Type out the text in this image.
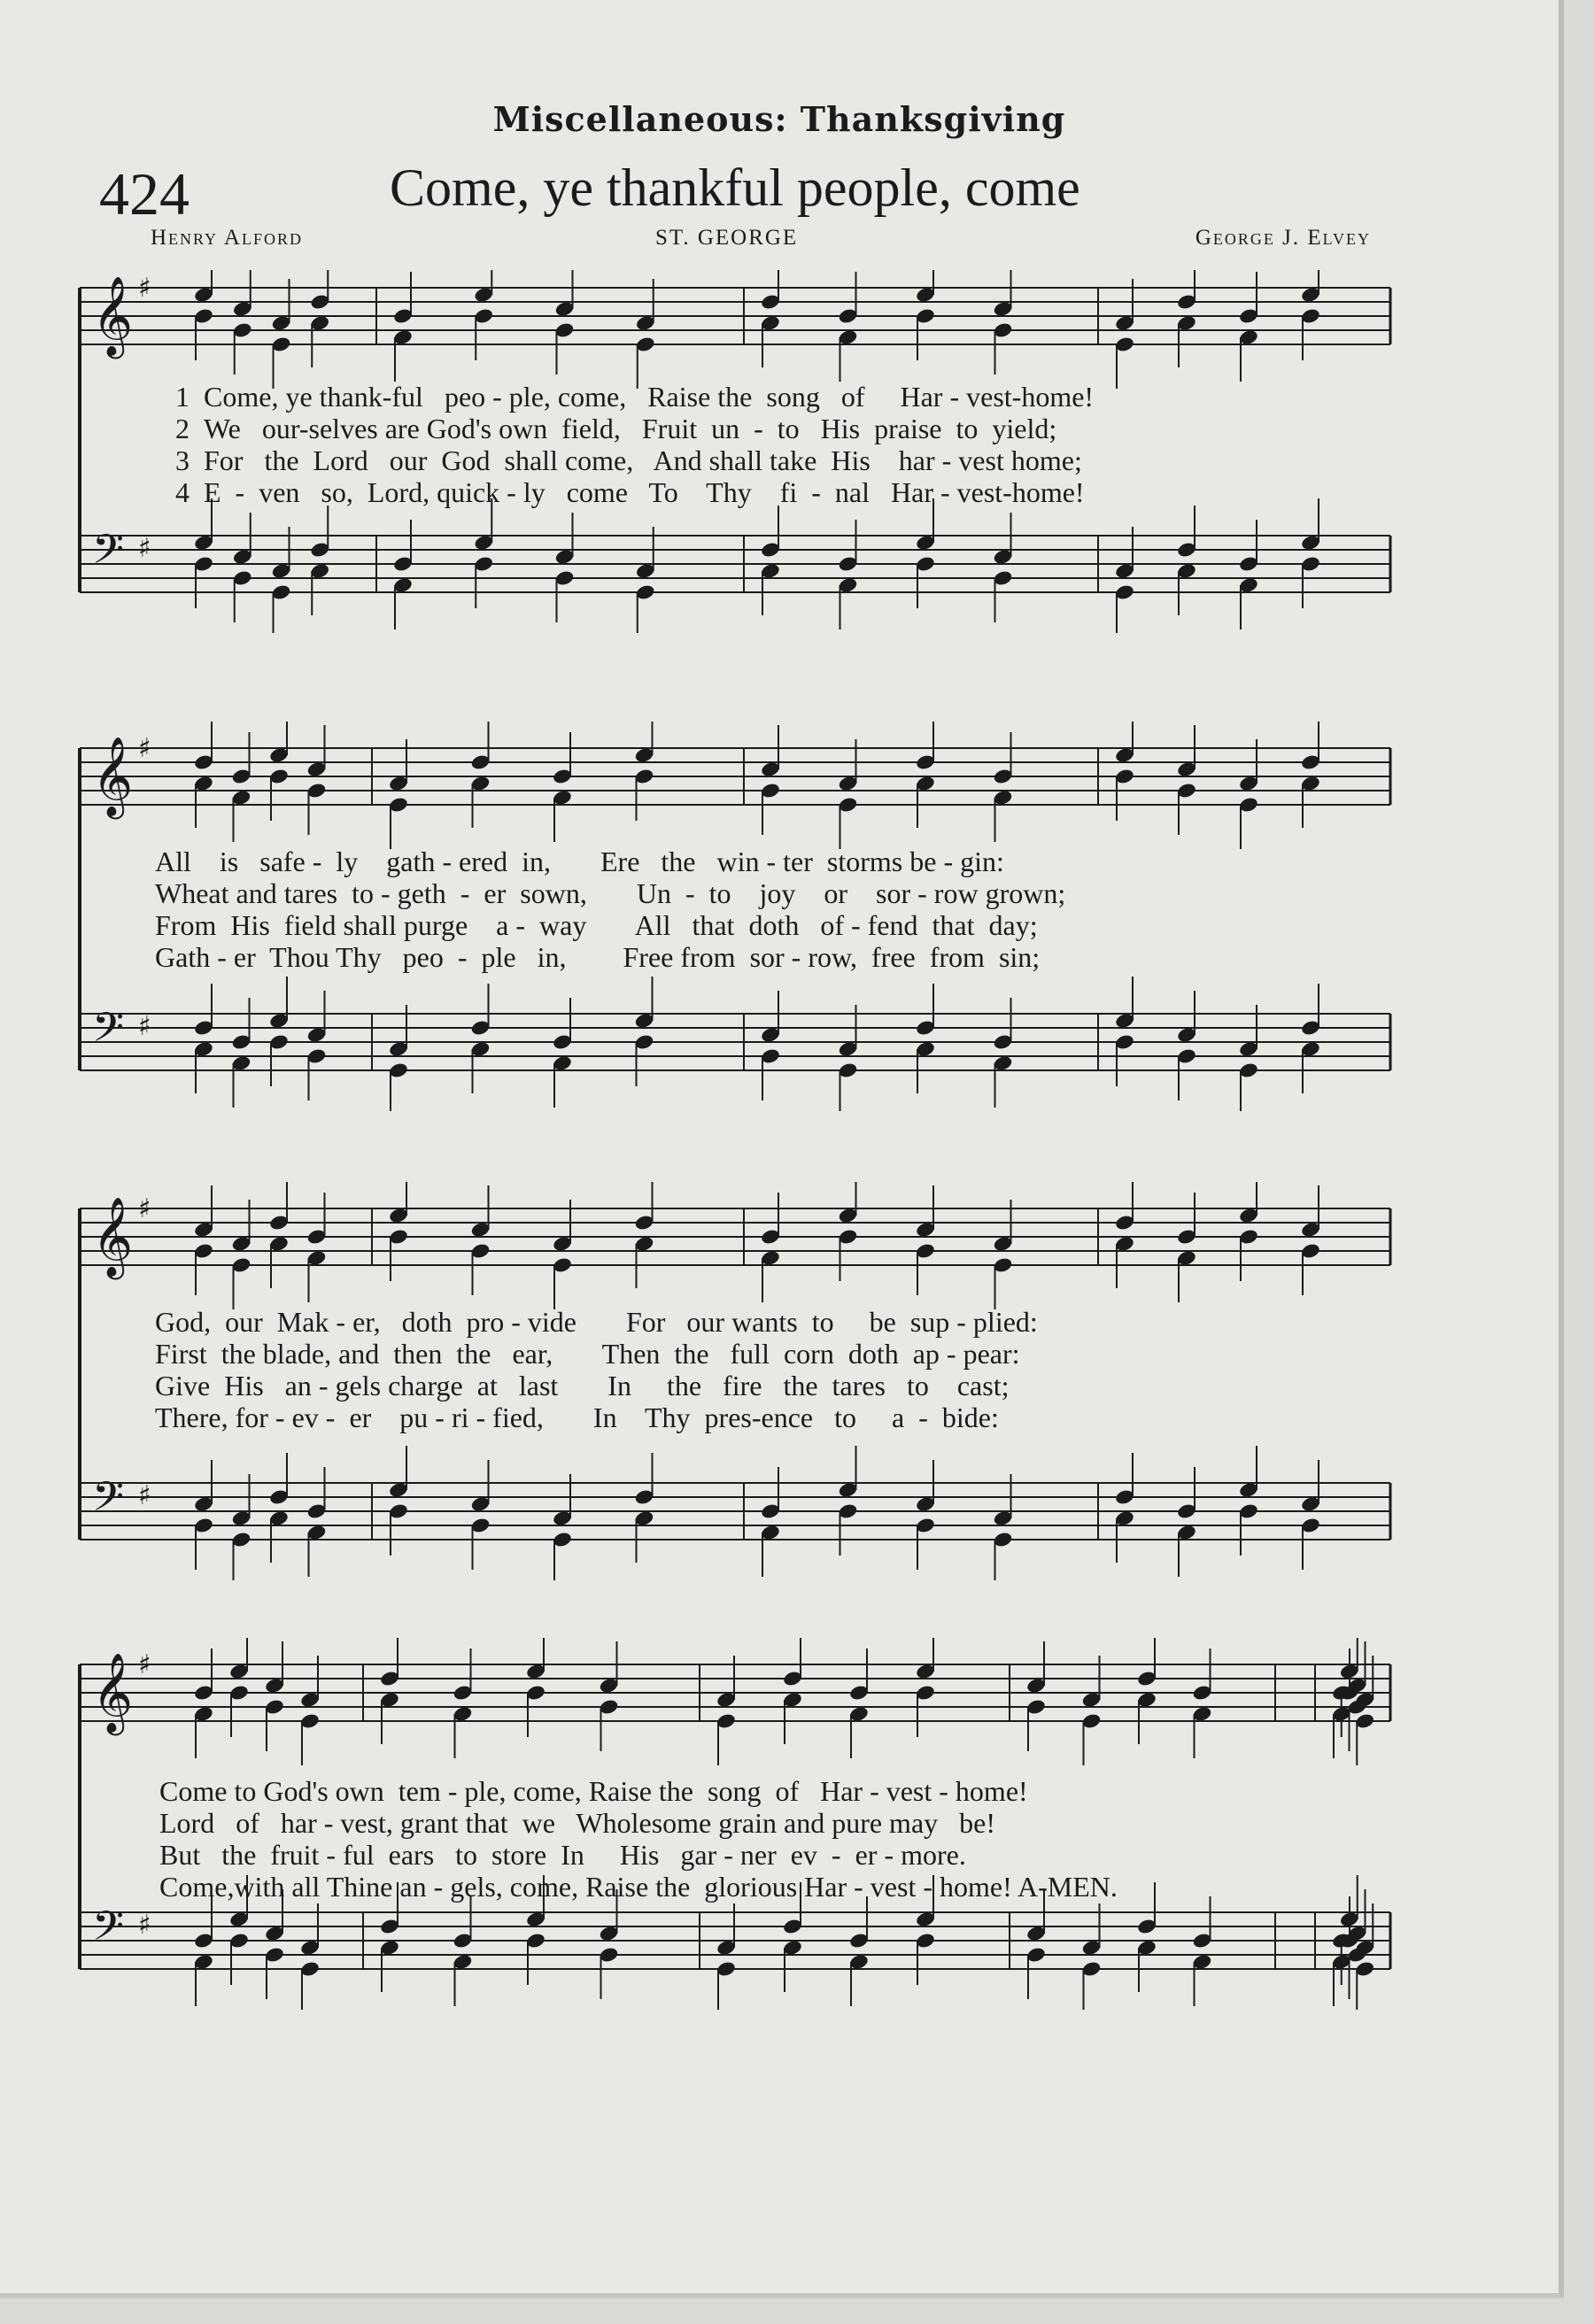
Miscellaneous: Thanksgiving
424	Come, ye thankful people, come
Henry Alford	ST. GEORGE	George J. Elvey
𝄞 ♯
𝄢 ♯
1 Come, ye thank-ful   peo - ple, come,   Raise the  song   of     Har - vest-home!
2 We   our-selves are God's own  field,   Fruit  un  -  to   His  praise  to  yield;
3 For   the  Lord   our  God  shall come,   And shall take  His    har - vest home;
4 E  -  ven   so,  Lord, quick - ly   come   To    Thy    fi  -  nal   Har - vest-home!
𝄞 ♯
𝄢 ♯
All    is   safe -  ly    gath - ered  in,       Ere   the   win - ter  storms be - gin:
Wheat and tares  to - geth  -  er  sown,       Un  -  to    joy    or    sor - row grown;
From  His  field shall purge    a -  way       All   that  doth   of - fend  that  day;
Gath - er  Thou Thy   peo  -  ple   in,        Free from  sor - row,  free  from  sin;
𝄞 ♯
𝄢 ♯
God,  our  Mak - er,   doth  pro - vide       For   our wants  to     be  sup - plied:
First  the blade, and  then  the   ear,       Then  the   full  corn  doth  ap - pear:
Give  His   an - gels charge  at   last       In     the   fire   the  tares   to    cast;
There, for - ev -  er    pu - ri - fied,       In    Thy  pres-ence   to     a  -  bide:
𝄞 ♯
𝄢 ♯
Come to God's own  tem - ple, come, Raise the  song  of   Har - vest - home!
Lord   of   har - vest, grant that  we   Wholesome grain and pure may   be!
But   the  fruit - ful  ears   to  store  In     His   gar - ner  ev  -  er - more.
Come,with all Thine an - gels, come, Raise the  glorious Har - vest - home! A-MEN.
